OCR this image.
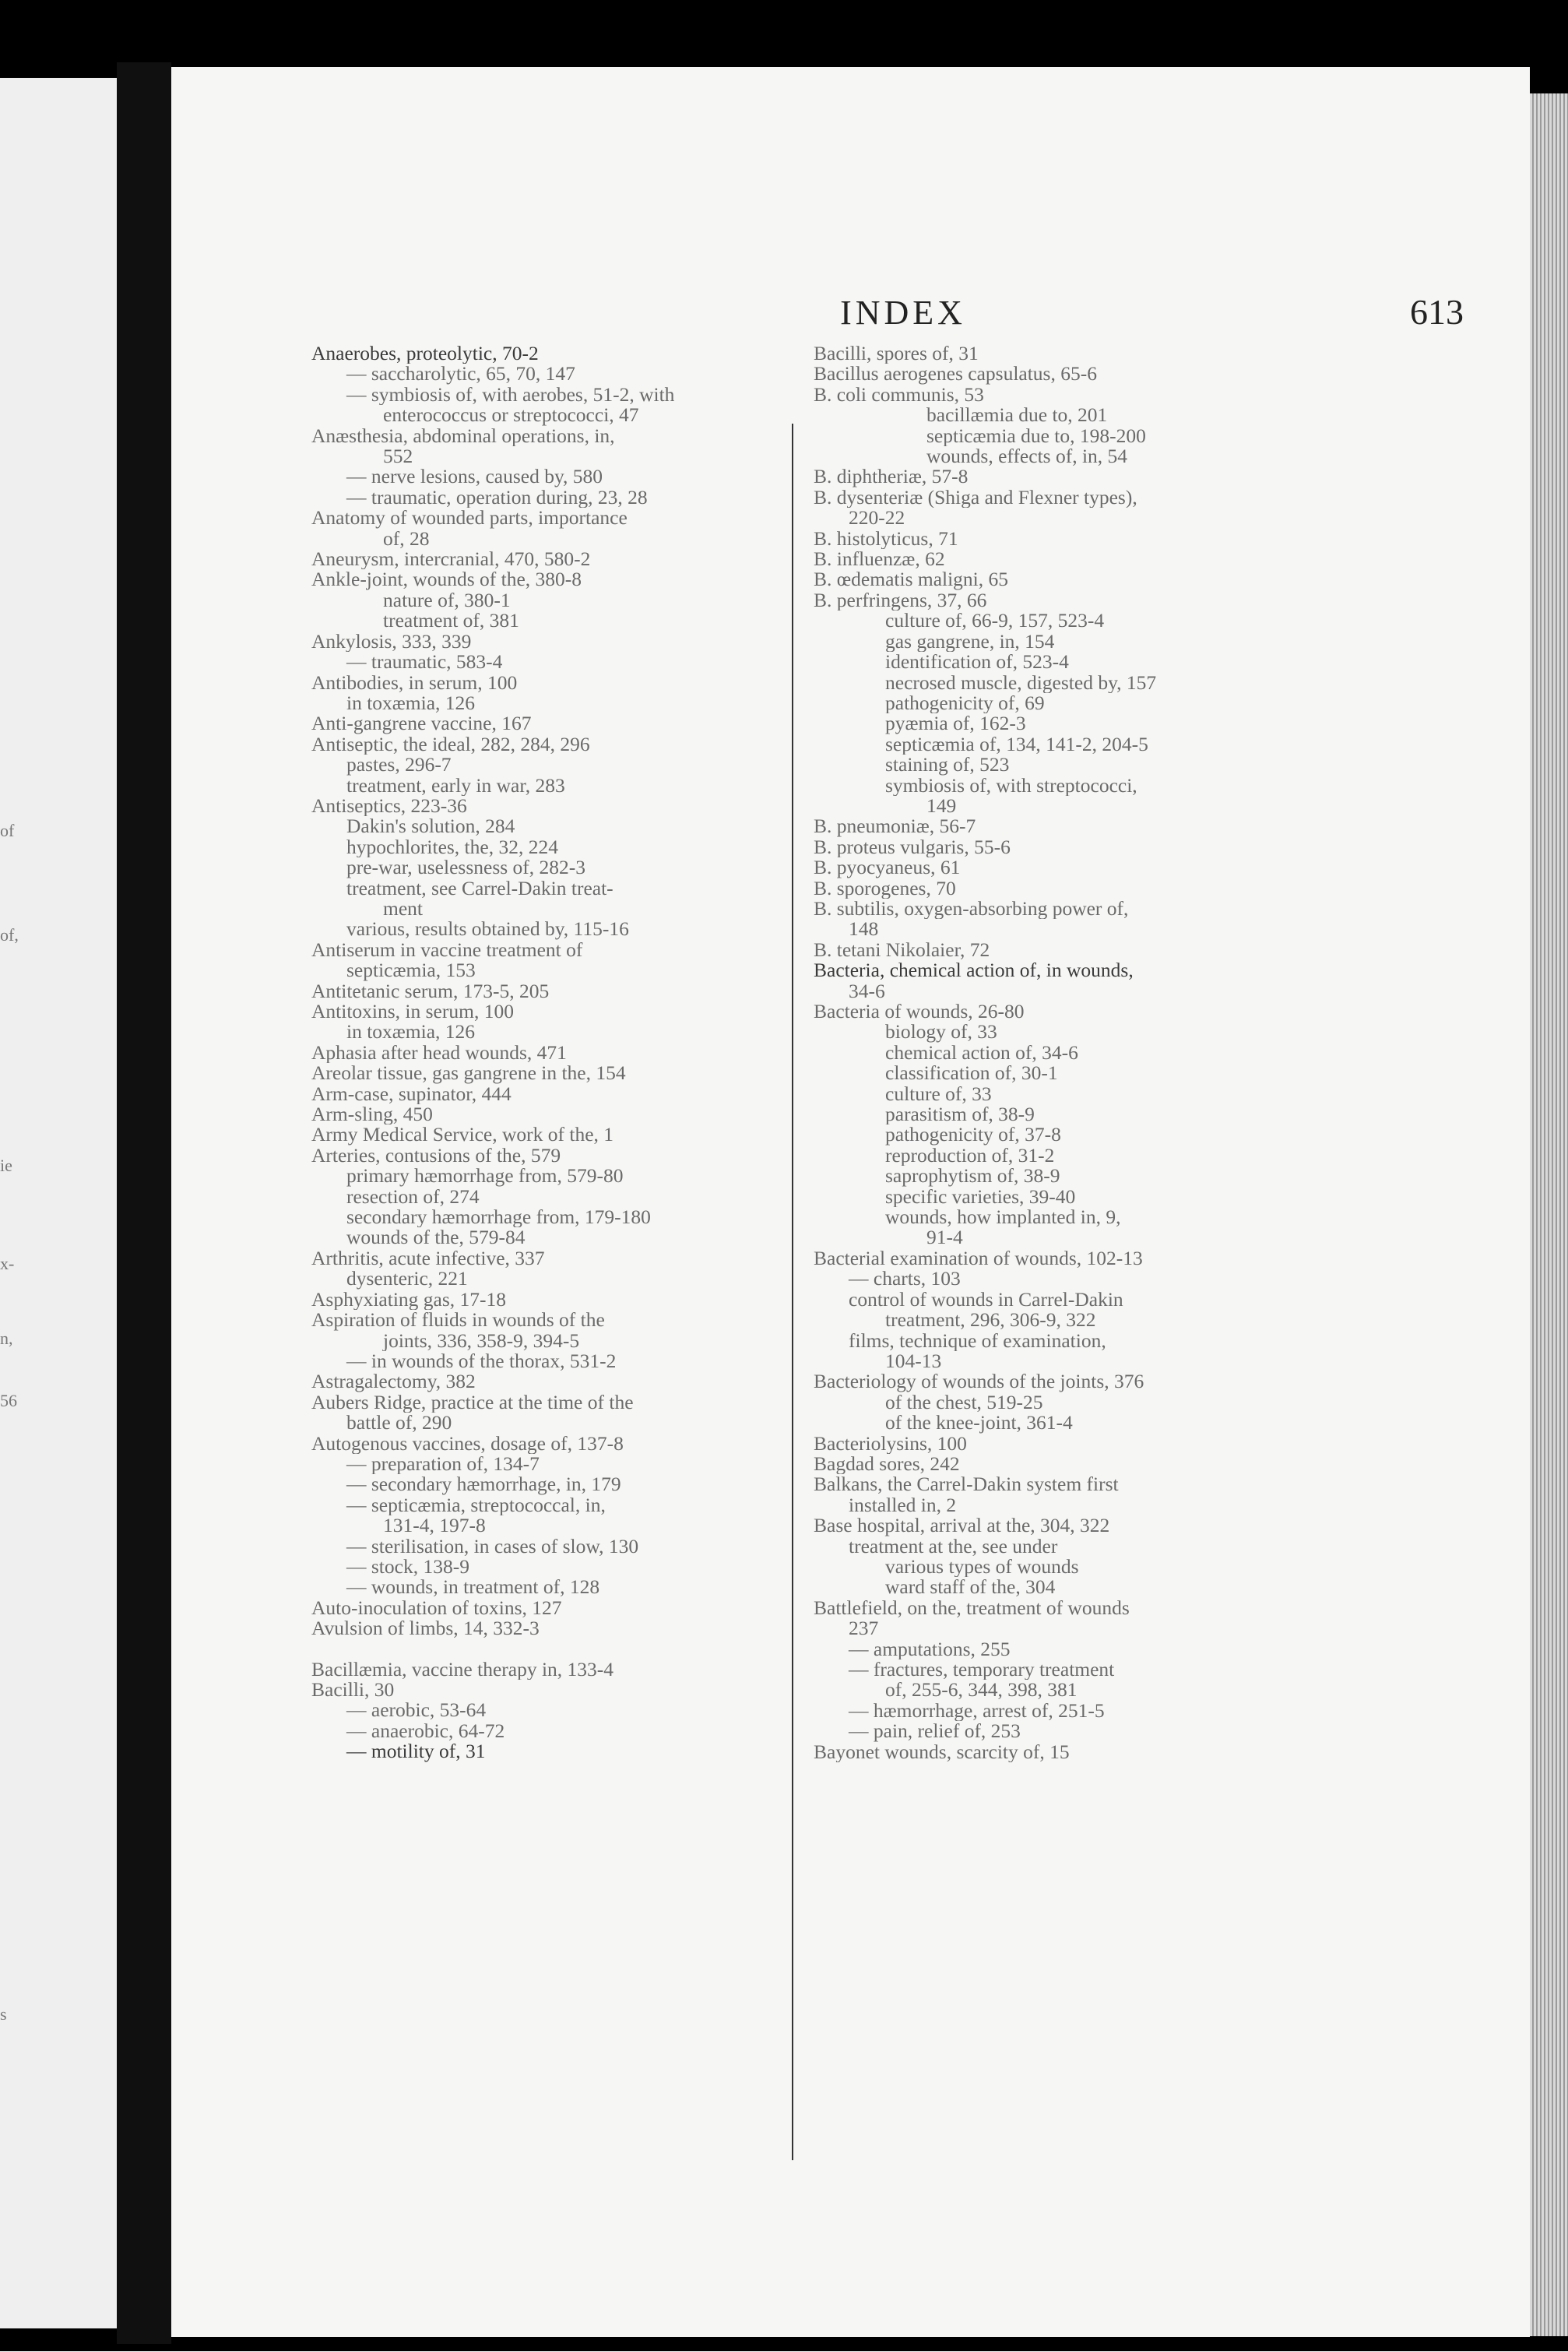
of
of,
ie
x-
n,
56
s
INDEX	613
Anaerobes, proteolytic, 70-2
— saccharolytic, 65, 70, 147
— symbiosis of, with aerobes, 51-2, with
enterococcus or streptococci, 47
Anæsthesia, abdominal operations, in,
552
— nerve lesions, caused by, 580
— traumatic, operation during, 23, 28
Anatomy of wounded parts, importance
of, 28
Aneurysm, intercranial, 470, 580-2
Ankle-joint, wounds of the, 380-8
nature of, 380-1
treatment of, 381
Ankylosis, 333, 339
— traumatic, 583-4
Antibodies, in serum, 100
in toxæmia, 126
Anti-gangrene vaccine, 167
Antiseptic, the ideal, 282, 284, 296
pastes, 296-7
treatment, early in war, 283
Antiseptics, 223-36
Dakin's solution, 284
hypochlorites, the, 32, 224
pre-war, uselessness of, 282-3
treatment, see Carrel-Dakin treat-
ment
various, results obtained by, 115-16
Antiserum in vaccine treatment of
septicæmia, 153
Antitetanic serum, 173-5, 205
Antitoxins, in serum, 100
in toxæmia, 126
Aphasia after head wounds, 471
Areolar tissue, gas gangrene in the, 154
Arm-case, supinator, 444
Arm-sling, 450
Army Medical Service, work of the, 1
Arteries, contusions of the, 579
primary hæmorrhage from, 579-80
resection of, 274
secondary hæmorrhage from, 179-180
wounds of the, 579-84
Arthritis, acute infective, 337
dysenteric, 221
Asphyxiating gas, 17-18
Aspiration of fluids in wounds of the
joints, 336, 358-9, 394-5
— in wounds of the thorax, 531-2
Astragalectomy, 382
Aubers Ridge, practice at the time of the
battle of, 290
Autogenous vaccines, dosage of, 137-8
— preparation of, 134-7
— secondary hæmorrhage, in, 179
— septicæmia, streptococcal, in,
131-4, 197-8
— sterilisation, in cases of slow, 130
— stock, 138-9
— wounds, in treatment of, 128
Auto-inoculation of toxins, 127
Avulsion of limbs, 14, 332-3
Bacillæmia, vaccine therapy in, 133-4
Bacilli, 30
— aerobic, 53-64
— anaerobic, 64-72
— motility of, 31
Bacilli, spores of, 31
Bacillus aerogenes capsulatus, 65-6
B. coli communis, 53
bacillæmia due to, 201
septicæmia due to, 198-200
wounds, effects of, in, 54
B. diphtheriæ, 57-8
B. dysenteriæ (Shiga and Flexner types),
220-22
B. histolyticus, 71
B. influenzæ, 62
B. œdematis maligni, 65
B. perfringens, 37, 66
culture of, 66-9, 157, 523-4
gas gangrene, in, 154
identification of, 523-4
necrosed muscle, digested by, 157
pathogenicity of, 69
pyæmia of, 162-3
septicæmia of, 134, 141-2, 204-5
staining of, 523
symbiosis of, with streptococci,
149
B. pneumoniæ, 56-7
B. proteus vulgaris, 55-6
B. pyocyaneus, 61
B. sporogenes, 70
B. subtilis, oxygen-absorbing power of,
148
B. tetani Nikolaier, 72
Bacteria, chemical action of, in wounds,
34-6
Bacteria of wounds, 26-80
biology of, 33
chemical action of, 34-6
classification of, 30-1
culture of, 33
parasitism of, 38-9
pathogenicity of, 37-8
reproduction of, 31-2
saprophytism of, 38-9
specific varieties, 39-40
wounds, how implanted in, 9,
91-4
Bacterial examination of wounds, 102-13
— charts, 103
control of wounds in Carrel-Dakin
treatment, 296, 306-9, 322
films, technique of examination,
104-13
Bacteriology of wounds of the joints, 376
of the chest, 519-25
of the knee-joint, 361-4
Bacteriolysins, 100
Bagdad sores, 242
Balkans, the Carrel-Dakin system first
installed in, 2
Base hospital, arrival at the, 304, 322
treatment at the, see under
various types of wounds
ward staff of the, 304
Battlefield, on the, treatment of wounds
237
— amputations, 255
— fractures, temporary treatment
of, 255-6, 344, 398, 381
— hæmorrhage, arrest of, 251-5
— pain, relief of, 253
Bayonet wounds, scarcity of, 15
